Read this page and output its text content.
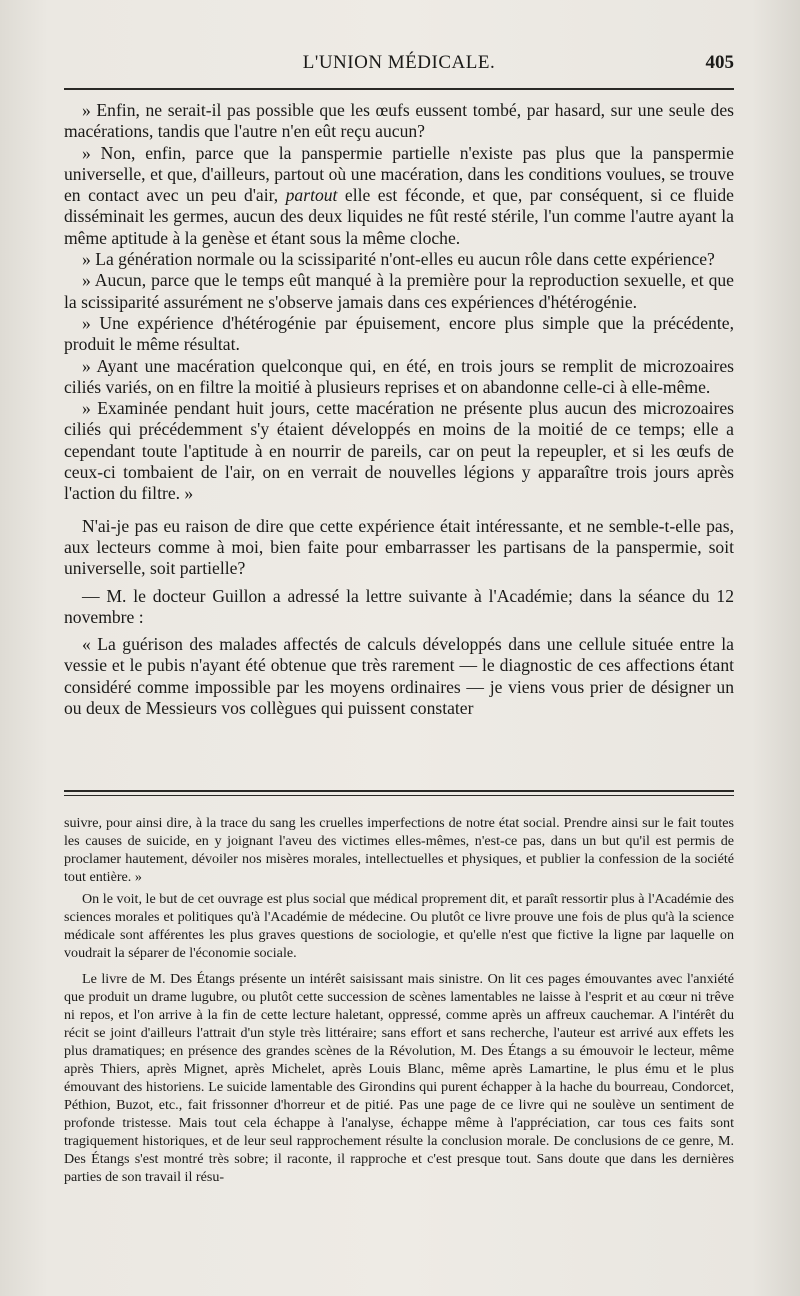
L'UNION MÉDICALE.	405

» Enfin, ne serait-il pas possible que les œufs eussent tombé, par hasard, sur une seule des macérations, tandis que l'autre n'en eût reçu aucun?

» Non, enfin, parce que la panspermie partielle n'existe pas plus que la panspermie universelle, et que, d'ailleurs, partout où une macération, dans les conditions voulues, se trouve en contact avec un peu d'air, partout elle est féconde, et que, par conséquent, si ce fluide disséminait les germes, aucun des deux liquides ne fût resté stérile, l'un comme l'autre ayant la même aptitude à la genèse et étant sous la même cloche.

» La génération normale ou la scissiparité n'ont-elles eu aucun rôle dans cette expérience?

» Aucun, parce que le temps eût manqué à la première pour la reproduction sexuelle, et que la scissiparité assurément ne s'observe jamais dans ces expériences d'hétérogénie.

» Une expérience d'hétérogénie par épuisement, encore plus simple que la précédente, produit le même résultat.

» Ayant une macération quelconque qui, en été, en trois jours se remplit de microzoaires ciliés variés, on en filtre la moitié à plusieurs reprises et on abandonne celle-ci à elle-même.

» Examinée pendant huit jours, cette macération ne présente plus aucun des microzoaires ciliés qui précédemment s'y étaient développés en moins de la moitié de ce temps; elle a cependant toute l'aptitude à en nourrir de pareils, car on peut la repeupler, et si les œufs de ceux-ci tombaient de l'air, on en verrait de nouvelles légions y apparaître trois jours après l'action du filtre. »

N'ai-je pas eu raison de dire que cette expérience était intéressante, et ne semble-t-elle pas, aux lecteurs comme à moi, bien faite pour embarrasser les partisans de la panspermie, soit universelle, soit partielle?

— M. le docteur Guillon a adressé la lettre suivante à l'Académie; dans la séance du 12 novembre :

« La guérison des malades affectés de calculs développés dans une cellule située entre la vessie et le pubis n'ayant été obtenue que très rarement — le diagnostic de ces affections étant considéré comme impossible par les moyens ordinaires — je viens vous prier de désigner un ou deux de Messieurs vos collègues qui puissent constater

suivre, pour ainsi dire, à la trace du sang les cruelles imperfections de notre état social. Prendre ainsi sur le fait toutes les causes de suicide, en y joignant l'aveu des victimes elles-mêmes, n'est-ce pas, dans un but qu'il est permis de proclamer hautement, dévoiler nos misères morales, intellectuelles et physiques, et publier la confession de la société tout entière. »

On le voit, le but de cet ouvrage est plus social que médical proprement dit, et paraît ressortir plus à l'Académie des sciences morales et politiques qu'à l'Académie de médecine. Ou plutôt ce livre prouve une fois de plus qu'à la science médicale sont afférentes les plus graves questions de sociologie, et qu'elle n'est que fictive la ligne par laquelle on voudrait la séparer de l'économie sociale.

Le livre de M. Des Étangs présente un intérêt saisissant mais sinistre. On lit ces pages émouvantes avec l'anxiété que produit un drame lugubre, ou plutôt cette succession de scènes lamentables ne laisse à l'esprit et au cœur ni trêve ni repos, et l'on arrive à la fin de cette lecture haletant, oppressé, comme après un affreux cauchemar. A l'intérêt du récit se joint d'ailleurs l'attrait d'un style très littéraire; sans effort et sans recherche, l'auteur est arrivé aux effets les plus dramatiques; en présence des grandes scènes de la Révolution, M. Des Étangs a su émouvoir le lecteur, même après Thiers, après Mignet, après Michelet, après Louis Blanc, même après Lamartine, le plus ému et le plus émouvant des historiens. Le suicide lamentable des Girondins qui purent échapper à la hache du bourreau, Condorcet, Péthion, Buzot, etc., fait frissonner d'horreur et de pitié. Pas une page de ce livre qui ne soulève un sentiment de profonde tristesse. Mais tout cela échappe à l'analyse, échappe même à l'appréciation, car tous ces faits sont tragiquement historiques, et de leur seul rapprochement résulte la conclusion morale. De conclusions de ce genre, M. Des Étangs s'est montré très sobre; il raconte, il rapproche et c'est presque tout. Sans doute que dans les dernières parties de son travail il résu-
